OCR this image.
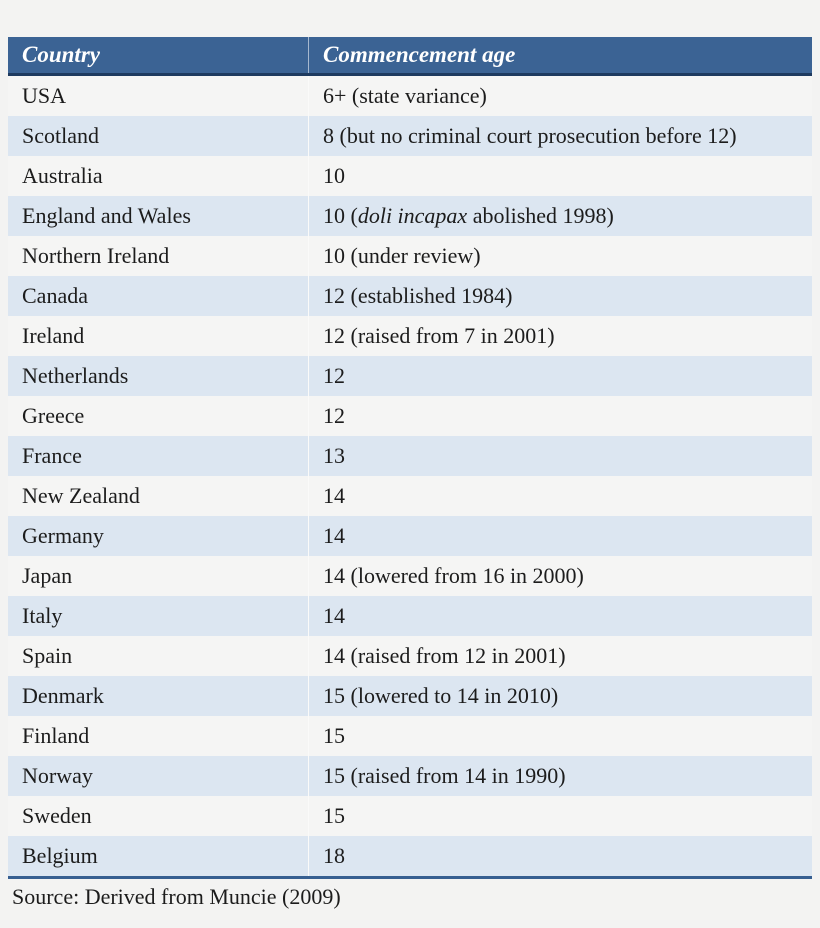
Country	Commencement age
USA	6+ (state variance)
Scotland	8 (but no criminal court prosecution before 12)
Australia	10
England and Wales	10 (doli incapax abolished 1998)
Northern Ireland	10 (under review)
Canada	12 (established 1984)
Ireland	12 (raised from 7 in 2001)
Netherlands	12
Greece	12
France	13
New Zealand	14
Germany	14
Japan	14 (lowered from 16 in 2000)
Italy	14
Spain	14 (raised from 12 in 2001)
Denmark	15 (lowered to 14 in 2010)
Finland	15
Norway	15 (raised from 14 in 1990)
Sweden	15
Belgium	18
Source: Derived from Muncie (2009)
